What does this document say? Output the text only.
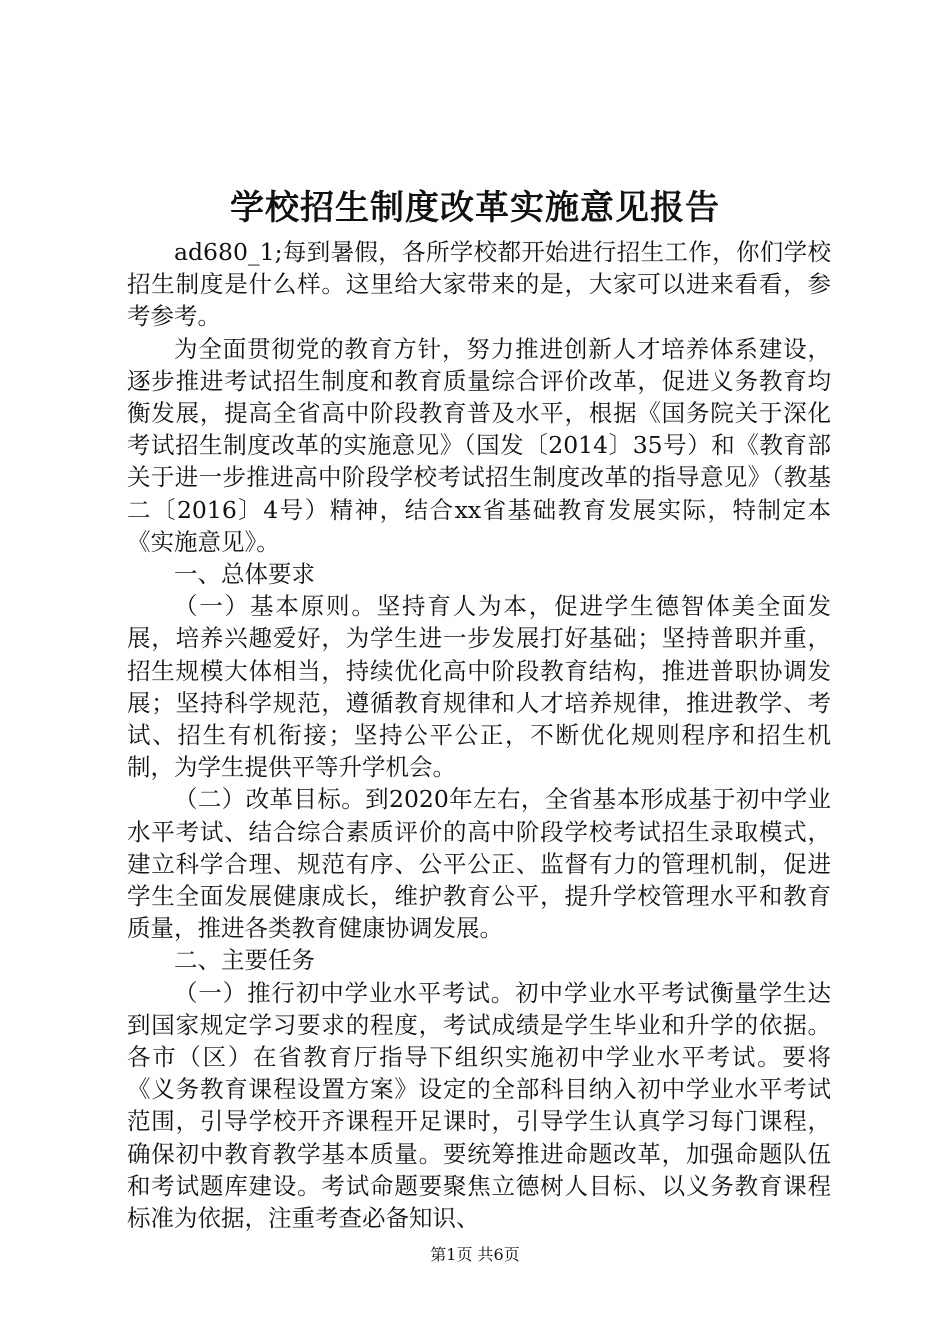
学校招生制度改革实施意见报告

ad680_1;每到暑假，各所学校都开始进行招生工作，你们学校招生制度是什么样。这里给大家带来的是，大家可以进来看看，参考参考。

为全面贯彻党的教育方针，努力推进创新人才培养体系建设，逐步推进考试招生制度和教育质量综合评价改革，促进义务教育均衡发展，提高全省高中阶段教育普及水平，根据《国务院关于深化考试招生制度改革的实施意见》（国发〔2014〕35号）和《教育部关于进一步推进高中阶段学校考试招生制度改革的指导意见》（教基二〔2016〕4号）精神，结合xx省基础教育发展实际，特制定本《实施意见》。

一、总体要求

（一）基本原则。坚持育人为本，促进学生德智体美全面发展，培养兴趣爱好，为学生进一步发展打好基础；坚持普职并重，招生规模大体相当，持续优化高中阶段教育结构，推进普职协调发展；坚持科学规范，遵循教育规律和人才培养规律，推进教学、考试、招生有机衔接；坚持公平公正，不断优化规则程序和招生机制，为学生提供平等升学机会。

（二）改革目标。到2020年左右，全省基本形成基于初中学业水平考试、结合综合素质评价的高中阶段学校考试招生录取模式，建立科学合理、规范有序、公平公正、监督有力的管理机制，促进学生全面发展健康成长，维护教育公平，提升学校管理水平和教育质量，推进各类教育健康协调发展。

二、主要任务

（一）推行初中学业水平考试。初中学业水平考试衡量学生达到国家规定学习要求的程度，考试成绩是学生毕业和升学的依据。各市（区）在省教育厅指导下组织实施初中学业水平考试。要将《义务教育课程设置方案》设定的全部科目纳入初中学业水平考试范围，引导学校开齐课程开足课时，引导学生认真学习每门课程，确保初中教育教学基本质量。要统筹推进命题改革，加强命题队伍和考试题库建设。考试命题要聚焦立德树人目标、以义务教育课程标准为依据，注重考查必备知识、

第1页 共6页
